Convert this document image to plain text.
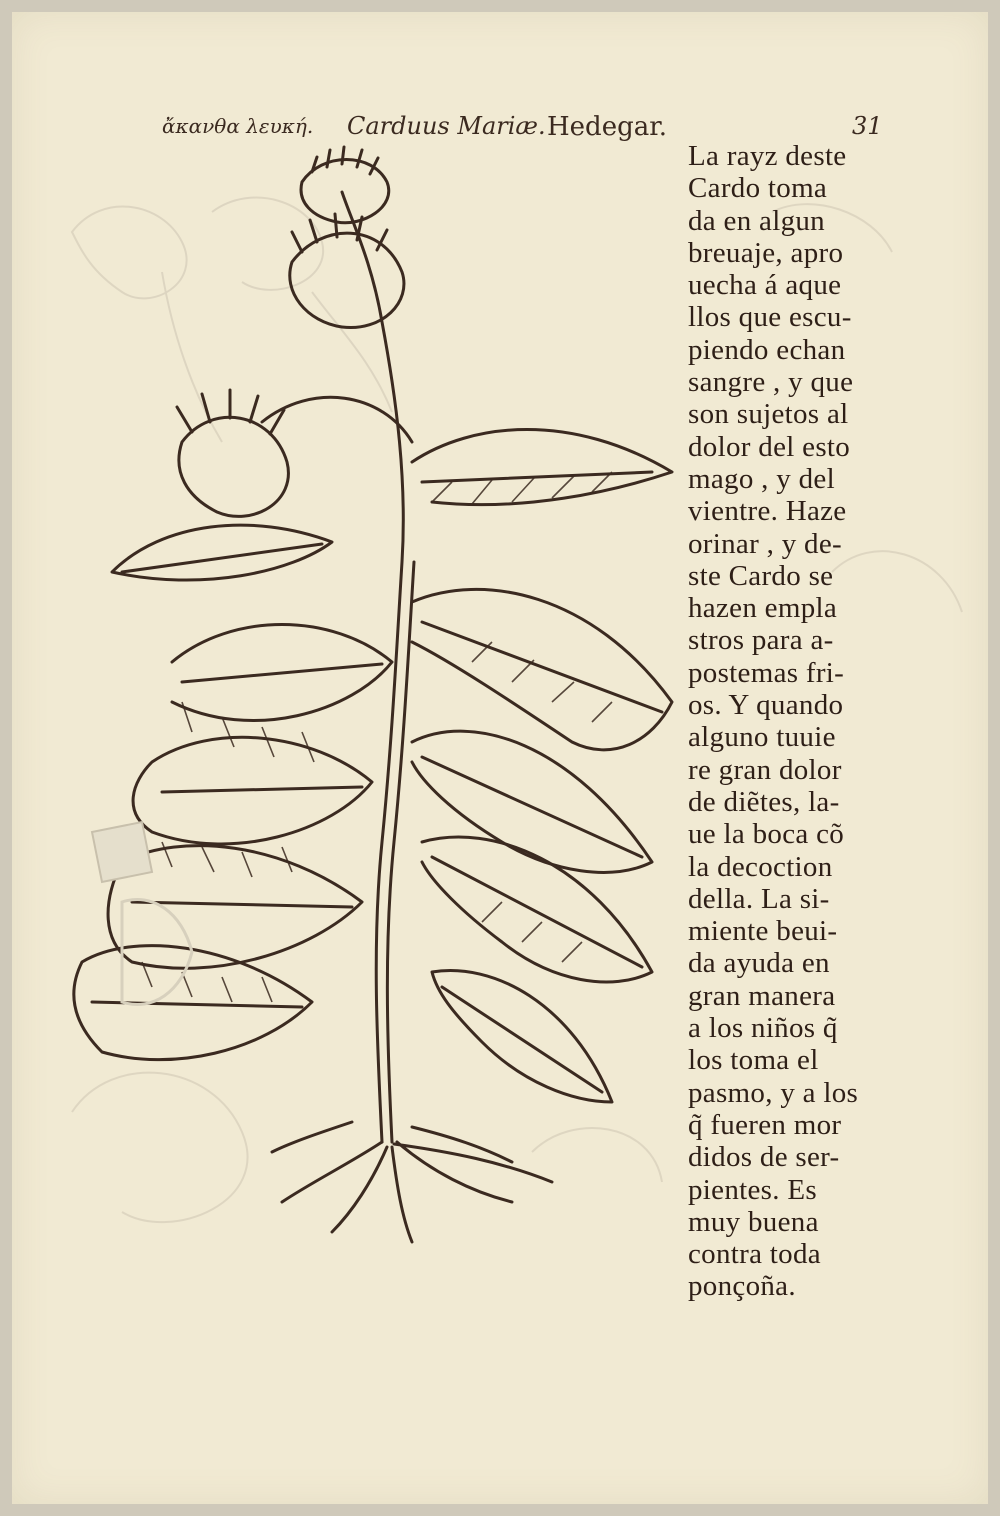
ἄκανθα λευκή. Carduus Mariæ. Hedegar.	31
La rayz deste
Cardo toma
da en algun
breuaje, apro
uecha á aque
llos que escu-
piendo echan
sangre , y que
son sujetos al
dolor del esto
mago , y del
vientre. Haze
orinar , y de-
ste Cardo se
hazen empla
stros para a-
postemas fri-
os. Y quando
alguno tuuie
re gran dolor
de diẽtes, la-
ue la boca cõ
la decoction
della. La si-
miente beui-
da ayuda en
gran manera
a los niños q̃
los toma el
pasmo, y a los
q̃ fueren mor
didos de ser-
pientes. Es
muy buena
contra toda
ponçoña.
